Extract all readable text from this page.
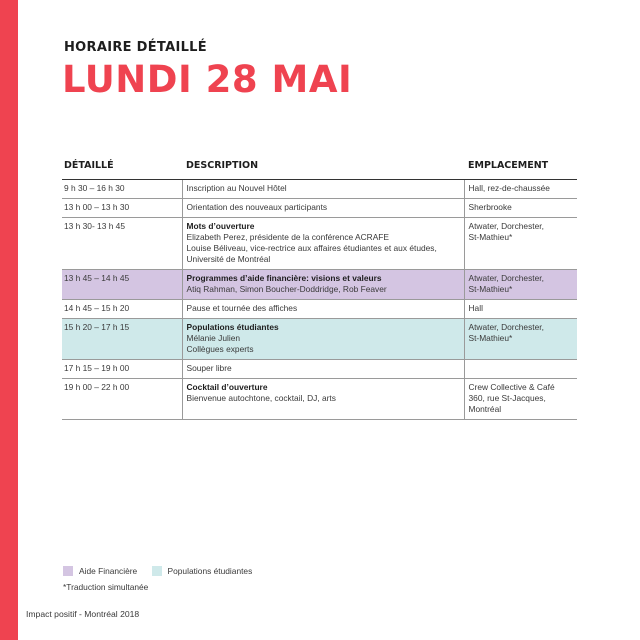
HORAIRE DÉTAILLÉ
LUNDI 28 MAI
DÉTAILLÉ	DESCRIPTION	EMPLACEMENT
9 h 30 – 16 h 30	Inscription au Nouvel Hôtel	Hall, rez-de-chaussée

13 h 00 – 13 h 30	Orientation des nouveaux participants	Sherbrooke

13 h 30- 13 h 45	Mots d’ouverture
Elizabeth Perez, présidente de la conférence ACRAFE
Louise Béliveau, vice-rectrice aux affaires étudiantes et aux études,
Université de Montréal	Atwater, Dorchester,
St-Mathieu*

13 h 45 – 14 h 45	Programmes d’aide financière: visions et valeurs
Atiq Rahman, Simon Boucher-Doddridge, Rob Feaver	Atwater, Dorchester,
St-Mathieu*

14 h 45 – 15 h 20	Pause et tournée des affiches	Hall

15 h 20 – 17 h 15	Populations étudiantes
Mélanie Julien
Collègues experts	Atwater, Dorchester,
St-Mathieu*

17 h 15 – 19 h 00	Souper libre	

19 h 00 – 22 h 00	Cocktail d’ouverture
Bienvenue autochtone, cocktail, DJ, arts	Crew Collective & Café
360, rue St-Jacques, Montréal
Aide Financière
	Populations étudiantes
*Traduction simultanée
Impact positif - Montréal 2018
